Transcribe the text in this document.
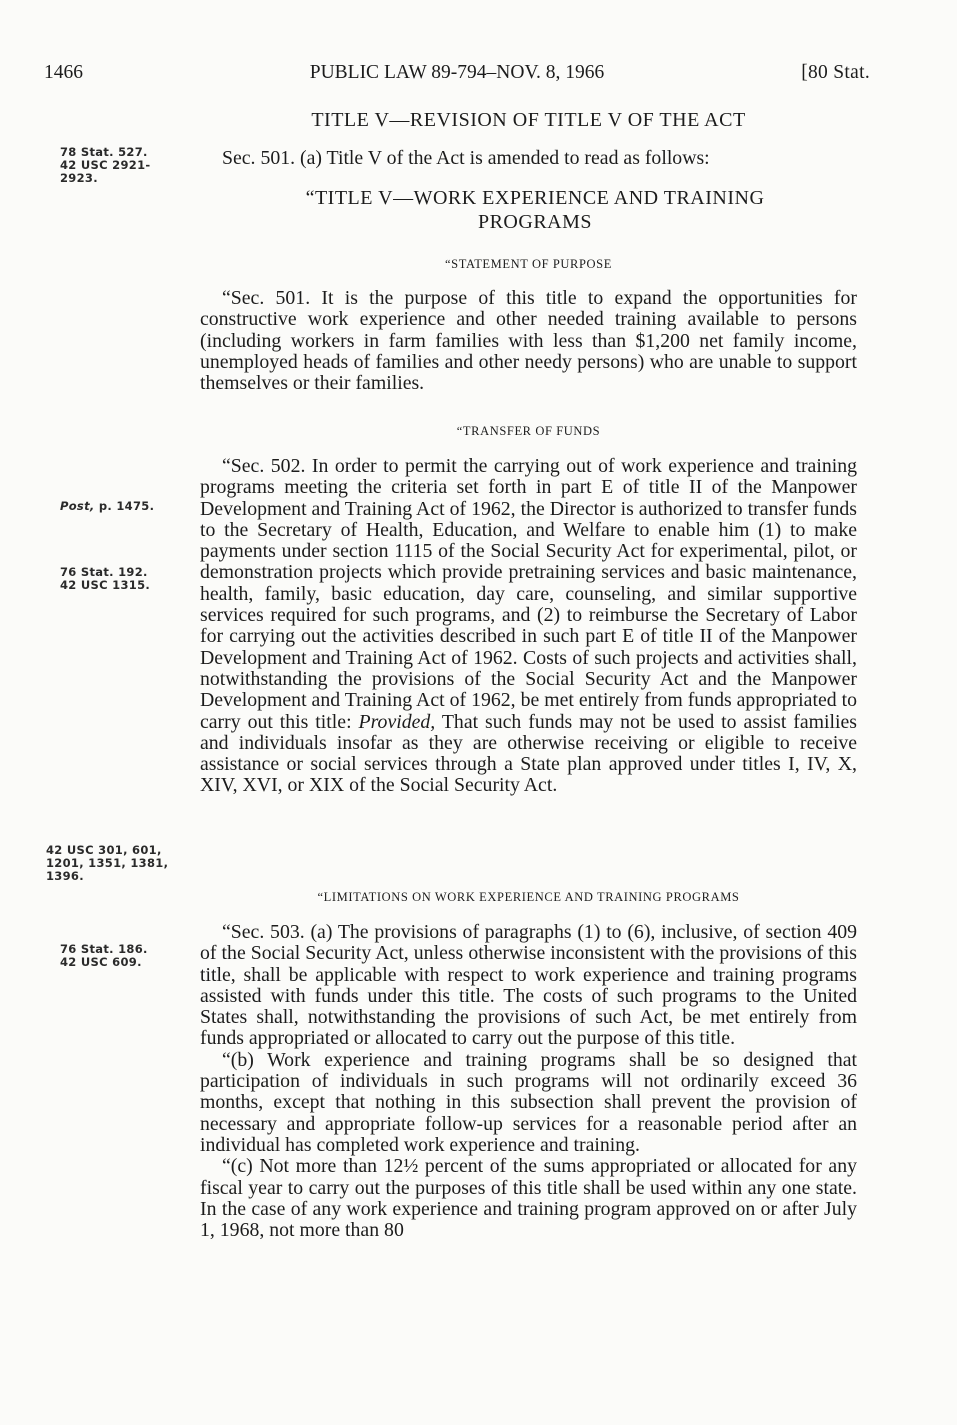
1466	PUBLIC LAW 89-794–NOV. 8, 1966	[80 Stat.
78 Stat. 527. 42 USC 2921-2923.
Post, p. 1475.
76 Stat. 192. 42 USC 1315.
42 USC 301, 601, 1201, 1351, 1381, 1396.
76 Stat. 186. 42 USC 609.
TITLE V—REVISION OF TITLE V OF THE ACT

Sec. 501. (a) Title V of the Act is amended to read as follows:

“TITLE V—WORK EXPERIENCE AND TRAINING PROGRAMS
“STATEMENT OF PURPOSE

“Sec. 501. It is the purpose of this title to expand the opportunities for constructive work experience and other needed training available to persons (including workers in farm families with less than $1,200 net family income, unemployed heads of families and other needy persons) who are unable to support themselves or their families.

“TRANSFER OF FUNDS

“Sec. 502. In order to permit the carrying out of work experience and training programs meeting the criteria set forth in part E of title II of the Manpower Development and Training Act of 1962, the Director is authorized to transfer funds to the Secretary of Health, Education, and Welfare to enable him (1) to make payments under section 1115 of the Social Security Act for experimental, pilot, or demonstration projects which provide pretraining services and basic maintenance, health, family, basic education, day care, counseling, and similar supportive services required for such programs, and (2) to reimburse the Secretary of Labor for carrying out the activities described in such part E of title II of the Manpower Development and Training Act of 1962. Costs of such projects and activities shall, notwithstanding the provisions of the Social Security Act and the Manpower Development and Training Act of 1962, be met entirely from funds appropriated to carry out this title: Provided, That such funds may not be used to assist families and individuals insofar as they are otherwise receiving or eligible to receive assistance or social services through a State plan approved under titles I, IV, X, XIV, XVI, or XIX of the Social Security Act.

“LIMITATIONS ON WORK EXPERIENCE AND TRAINING PROGRAMS

“Sec. 503. (a) The provisions of paragraphs (1) to (6), inclusive, of section 409 of the Social Security Act, unless otherwise inconsistent with the provisions of this title, shall be applicable with respect to work experience and training programs assisted with funds under this title. The costs of such programs to the United States shall, notwithstanding the provisions of such Act, be met entirely from funds appropriated or allocated to carry out the purpose of this title.

“(b) Work experience and training programs shall be so designed that participation of individuals in such programs will not ordinarily exceed 36 months, except that nothing in this subsection shall prevent the provision of necessary and appropriate follow-up services for a reasonable period after an individual has completed work experience and training.

“(c) Not more than 12½ percent of the sums appropriated or allocated for any fiscal year to carry out the purposes of this title shall be used within any one state. In the case of any work experience and training program approved on or after July 1, 1968, not more than 80
